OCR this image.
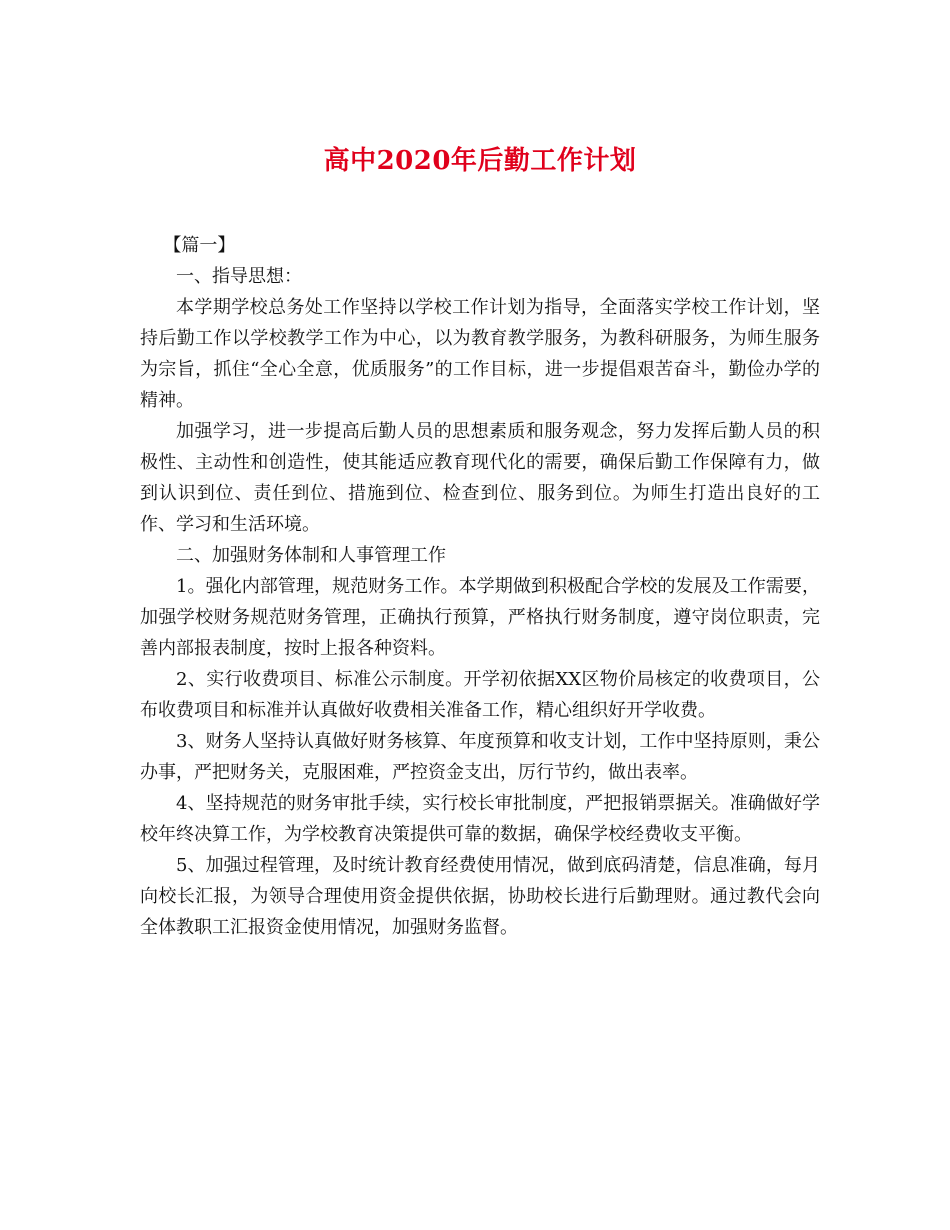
高中2020年后勤工作计划

【篇一】

一、指导思想：

本学期学校总务处工作坚持以学校工作计划为指导，全面落实学校工作计划，坚持后勤工作以学校教学工作为中心，以为教育教学服务，为教科研服务，为师生服务为宗旨，抓住“全心全意，优质服务”的工作目标，进一步提倡艰苦奋斗，勤俭办学的精神。

加强学习，进一步提高后勤人员的思想素质和服务观念，努力发挥后勤人员的积极性、主动性和创造性，使其能适应教育现代化的需要，确保后勤工作保障有力，做到认识到位、责任到位、措施到位、检查到位、服务到位。为师生打造出良好的工作、学习和生活环境。

二、加强财务体制和人事管理工作

1。强化内部管理，规范财务工作。本学期做到积极配合学校的发展及工作需要，加强学校财务规范财务管理，正确执行预算，严格执行财务制度，遵守岗位职责，完善内部报表制度，按时上报各种资料。

2、实行收费项目、标准公示制度。开学初依据XX区物价局核定的收费项目，公布收费项目和标准并认真做好收费相关准备工作，精心组织好开学收费。

3、财务人坚持认真做好财务核算、年度预算和收支计划，工作中坚持原则，秉公办事，严把财务关，克服困难，严控资金支出，厉行节约，做出表率。

4、坚持规范的财务审批手续，实行校长审批制度，严把报销票据关。准确做好学校年终决算工作，为学校教育决策提供可靠的数据，确保学校经费收支平衡。

5、加强过程管理，及时统计教育经费使用情况，做到底码清楚，信息准确，每月向校长汇报，为领导合理使用资金提供依据，协助校长进行后勤理财。通过教代会向全体教职工汇报资金使用情况，加强财务监督。
